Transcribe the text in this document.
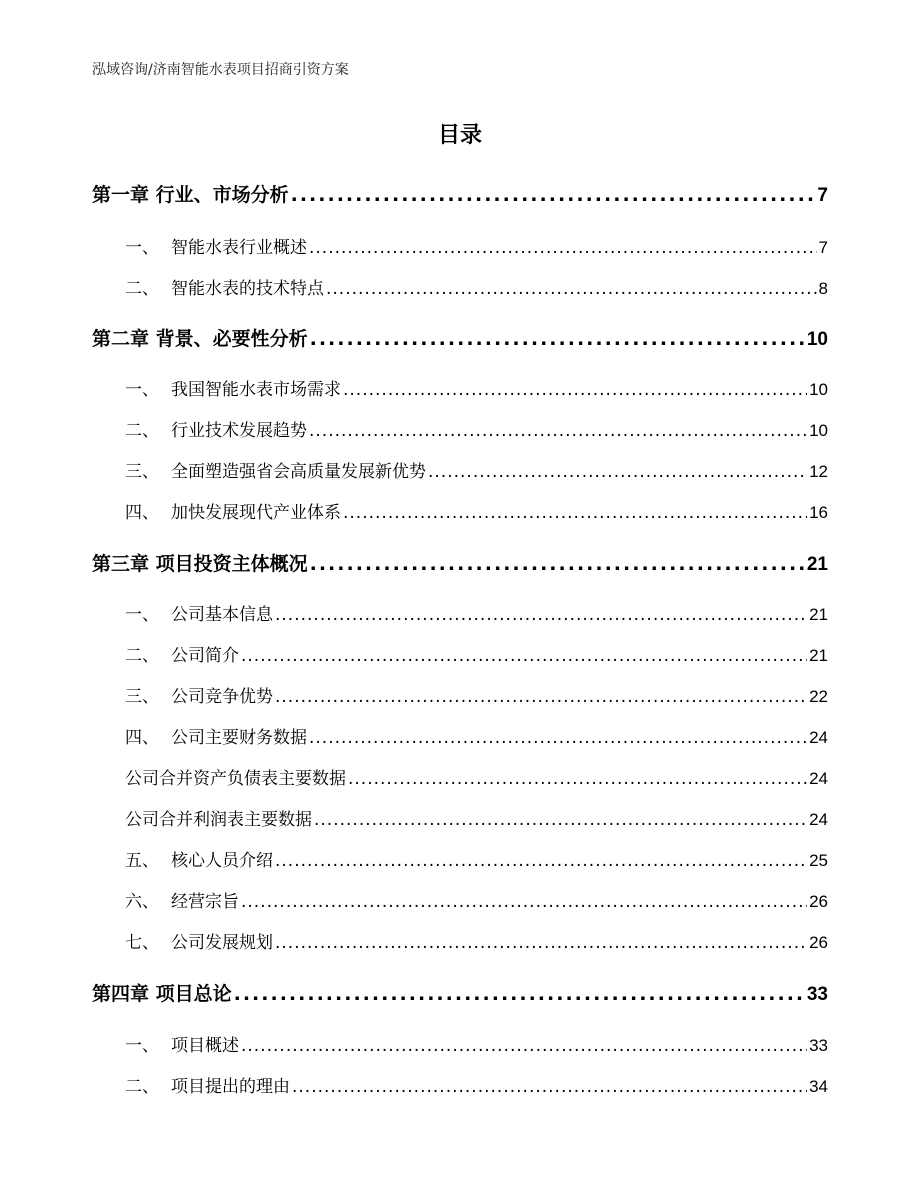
泓域咨询/济南智能水表项目招商引资方案
目录
第一章 行业、市场分析 .....	7
一、 智能水表行业概述 .....	7
二、 智能水表的技术特点 .....	8
第二章 背景、必要性分析 .....	10
一、 我国智能水表市场需求 .....	10
二、 行业技术发展趋势 .....	10
三、 全面塑造强省会高质量发展新优势 .....	12
四、 加快发展现代产业体系 .....	16
第三章 项目投资主体概况 .....	21
一、 公司基本信息 .....	21
二、 公司简介 .....	21
三、 公司竞争优势 .....	22
四、 公司主要财务数据 .....	24
公司合并资产负债表主要数据 .....	24
公司合并利润表主要数据 .....	24
五、 核心人员介绍 .....	25
六、 经营宗旨 .....	26
七、 公司发展规划 .....	26
第四章 项目总论 .....	33
一、 项目概述 .....	33
二、 项目提出的理由 .....	34
